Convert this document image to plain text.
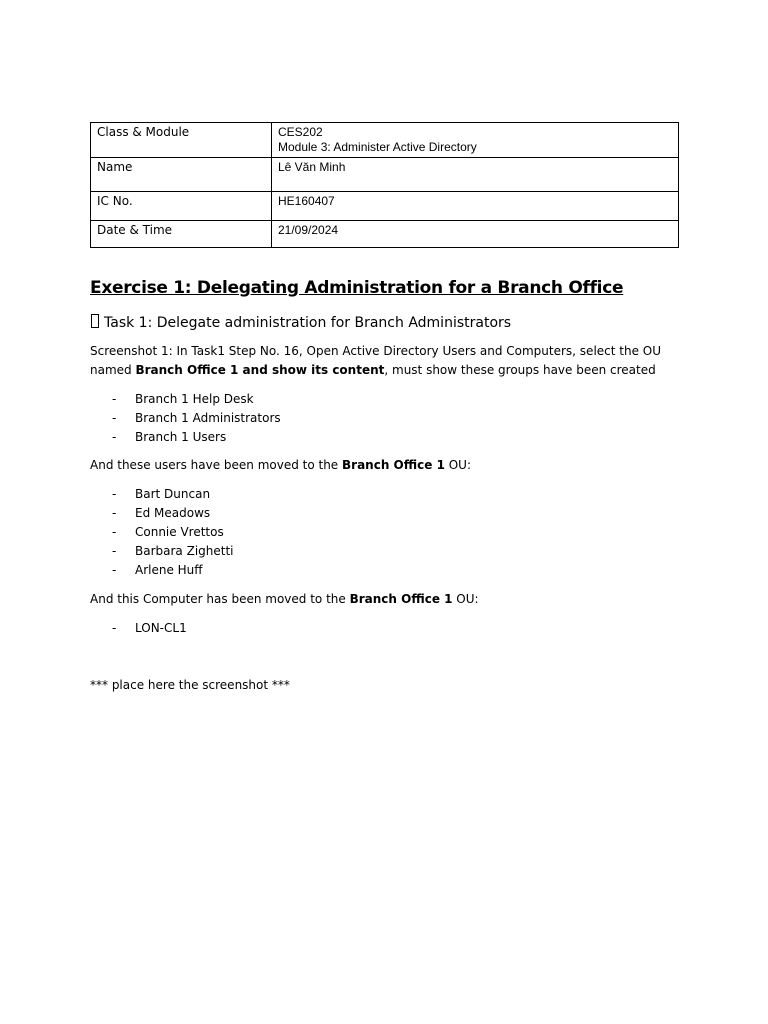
Class & Module	CES202
Module 3: Administer Active Directory

Name	Lê Văn Minh
IC No.	HE160407
Date & Time	21/09/2024
Exercise 1: Delegating Administration for a Branch Office
Task 1: Delegate administration for Branch Administrators
Screenshot 1: In Task1 Step No. 16, Open Active Directory Users and Computers, select the OU named Branch Office 1 and show its content, must show these groups have been created
- Branch 1 Help Desk
- Branch 1 Administrators
- Branch 1 Users
And these users have been moved to the Branch Office 1 OU:
- Bart Duncan
- Ed Meadows
- Connie Vrettos
- Barbara Zighetti
- Arlene Huff
And this Computer has been moved to the Branch Office 1 OU:
- LON-CL1
*** place here the screenshot ***
